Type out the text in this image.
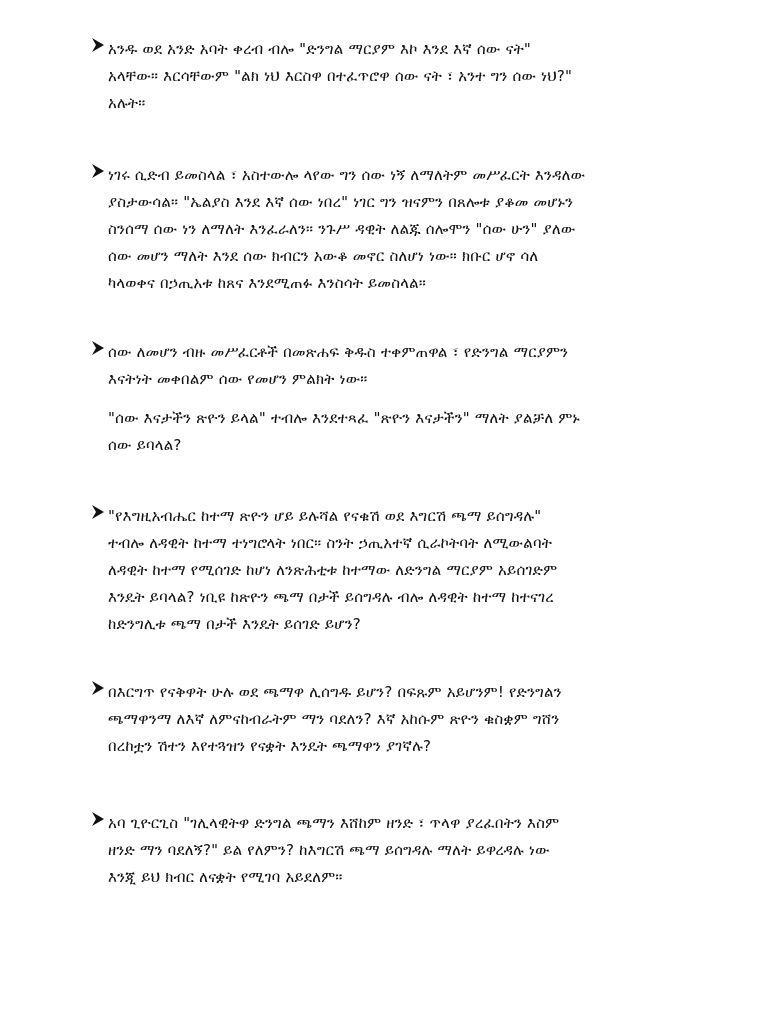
አንዱ ወደ አንድ አባት ቀረብ ብሎ "ድንግል ማርያም እኮ እንደ እኛ ሰው ናት"
አላቸው። እርሳቸውም "ልክ ነህ እርስዋ በተፈጥሮዋ ሰው ናት ፣ አንተ ግን ሰው ነህ?"
አሉት።
ነገሩ ሲድብ ይመስላል ፣ አስተውሎ ላየው ግን ሰው ነኝ ለማለትም መሥፈርት እንዳለው
ያስታውሳል። "ኤልያስ እንደ እኛ ሰው ነበረ" ነገር ግን ዝናምን በጸሎቱ ያቆመ መሆኑን
ስንሰማ ሰው ነን ለማለት እንፈራለን። ንጉሥ ዳዊት ለልጁ ሰሎሞን "ሰው ሁን" ያለው
ሰው መሆን ማለት እንደ ሰው ክብርን አውቆ መኖር ስለሆነ ነው። ክቡር ሆኖ ሳለ
ካላወቀና በኃጢአቱ ከጸና እንደሚጠፉ እንስሳት ይመስላል።
ሰው ለመሆን ብዙ መሥፈርቶች በመጽሐፍ ቅዱስ ተቀምጠዋል ፣ የድንግል ማርያምን
እናትነት መቀበልም ሰው የመሆን ምልክት ነው።
"ሰው እናታችን ጽዮን ይላል" ተብሎ እንደተጻፈ "ጽዮን እናታችን" ማለት ያልቻለ ምኑ
ሰው ይባላል?
"የእግዚአብሔር ከተማ ጽዮን ሆይ ይሉሻል የናቁሽ ወደ እግርሽ ጫማ ይሰግዳሉ"
ተብሎ ለዳዊት ከተማ ተነግሮላት ነበር። ስንት ኃጢአተኛ ሲራኮትባት ለሚውልባት
ለዳዊት ከተማ የሚሰገድ ከሆነ ለንጽሕቲቱ ከተማው ለድንግል ማርያም አይሰገድም
እንዴት ይባላል? ነቢዩ ከጽዮን ጫማ በታች ይሰግዳሉ ብሎ ለዳዊት ከተማ ከተናገረ
ከድንግሊቱ ጫማ በታች እንዴት ይሰገድ ይሆን?
በእርግጥ የናቅዋት ሁሉ ወደ ጫማዋ ሊሰግዱ ይሆን? በፍጹም አይሆንም! የድንግልን
ጫማዋንማ ለእኛ ለምናከብራትም ማን ባደለን? እኛ አከሱም ጽዮን ቁስቋም ግሸን
በረከቷን ሽተን እየተጓዝን የናቋት እንዴት ጫማዋን ያገኛሉ?
አባ ጊዮርጊስ "ገሊላዊትዋ ድንግል ጫማን እሸከም ዘንድ ፣ ጥላዋ ያረፈበትን እስም
ዘንድ ማን ባደለኝ?" ይል የለምን? ከእግርሽ ጫማ ይሰግዳሉ ማለት ይዋረዳሉ ነው
እንጂ ይህ ክብር ለናቋት የሚገባ አይደለም።
